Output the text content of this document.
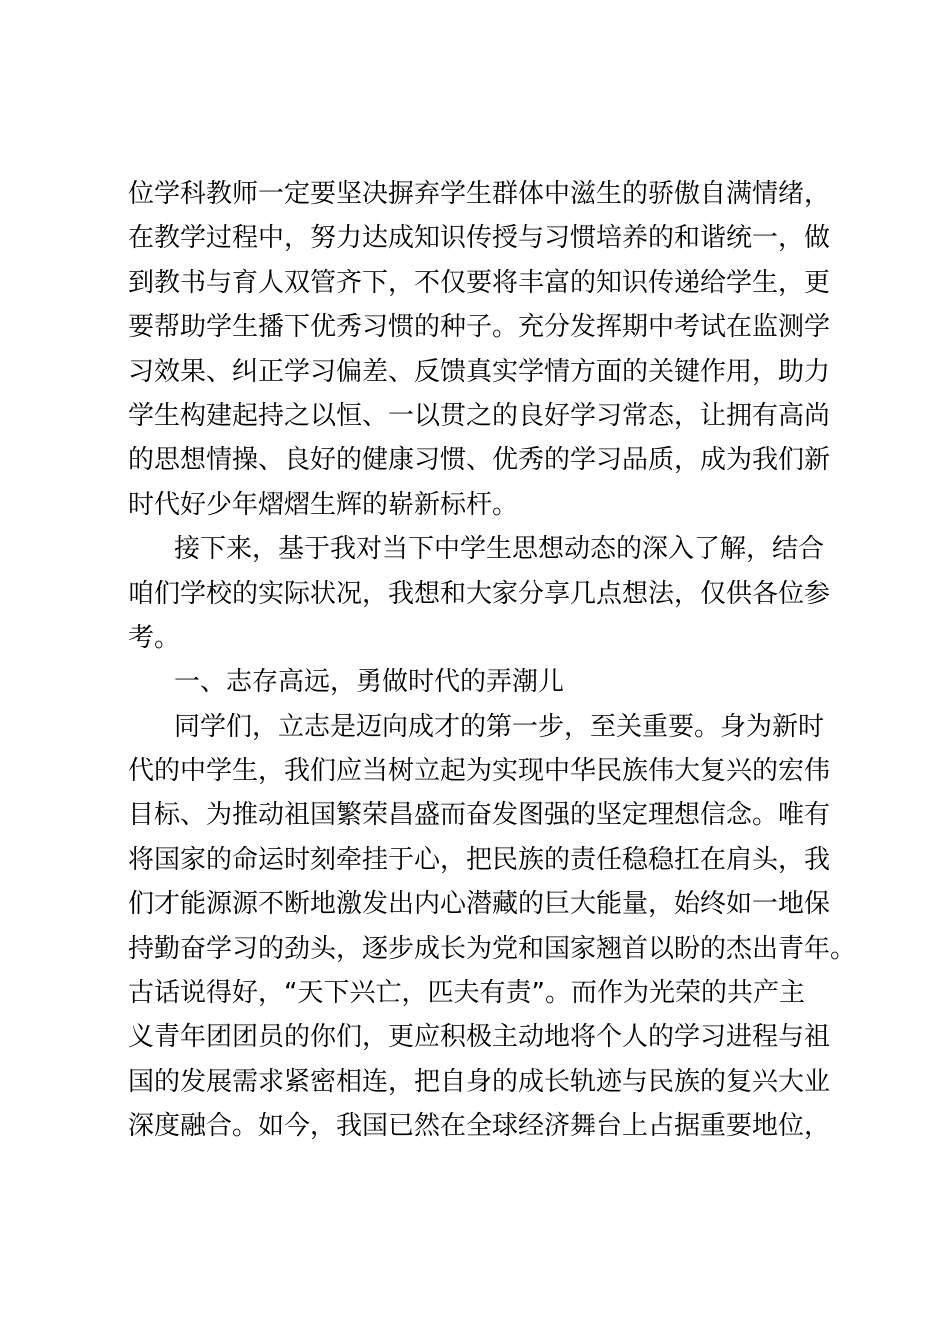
位学科教师一定要坚决摒弃学生群体中滋生的骄傲自满情绪，
在教学过程中，努力达成知识传授与习惯培养的和谐统一，做
到教书与育人双管齐下，不仅要将丰富的知识传递给学生，更
要帮助学生播下优秀习惯的种子。充分发挥期中考试在监测学
习效果、纠正学习偏差、反馈真实学情方面的关键作用，助力
学生构建起持之以恒、一以贯之的良好学习常态，让拥有高尚
的思想情操、良好的健康习惯、优秀的学习品质，成为我们新
时代好少年熠熠生辉的崭新标杆。
接下来，基于我对当下中学生思想动态的深入了解，结合
咱们学校的实际状况，我想和大家分享几点想法，仅供各位参
考。
一、志存高远，勇做时代的弄潮儿
同学们，立志是迈向成才的第一步，至关重要。身为新时
代的中学生，我们应当树立起为实现中华民族伟大复兴的宏伟
目标、为推动祖国繁荣昌盛而奋发图强的坚定理想信念。唯有
将国家的命运时刻牵挂于心，把民族的责任稳稳扛在肩头，我
们才能源源不断地激发出内心潜藏的巨大能量，始终如一地保
持勤奋学习的劲头，逐步成长为党和国家翘首以盼的杰出青年。
古话说得好，“天下兴亡，匹夫有责”。而作为光荣的共产主
义青年团团员的你们，更应积极主动地将个人的学习进程与祖
国的发展需求紧密相连，把自身的成长轨迹与民族的复兴大业
深度融合。如今，我国已然在全球经济舞台上占据重要地位，
